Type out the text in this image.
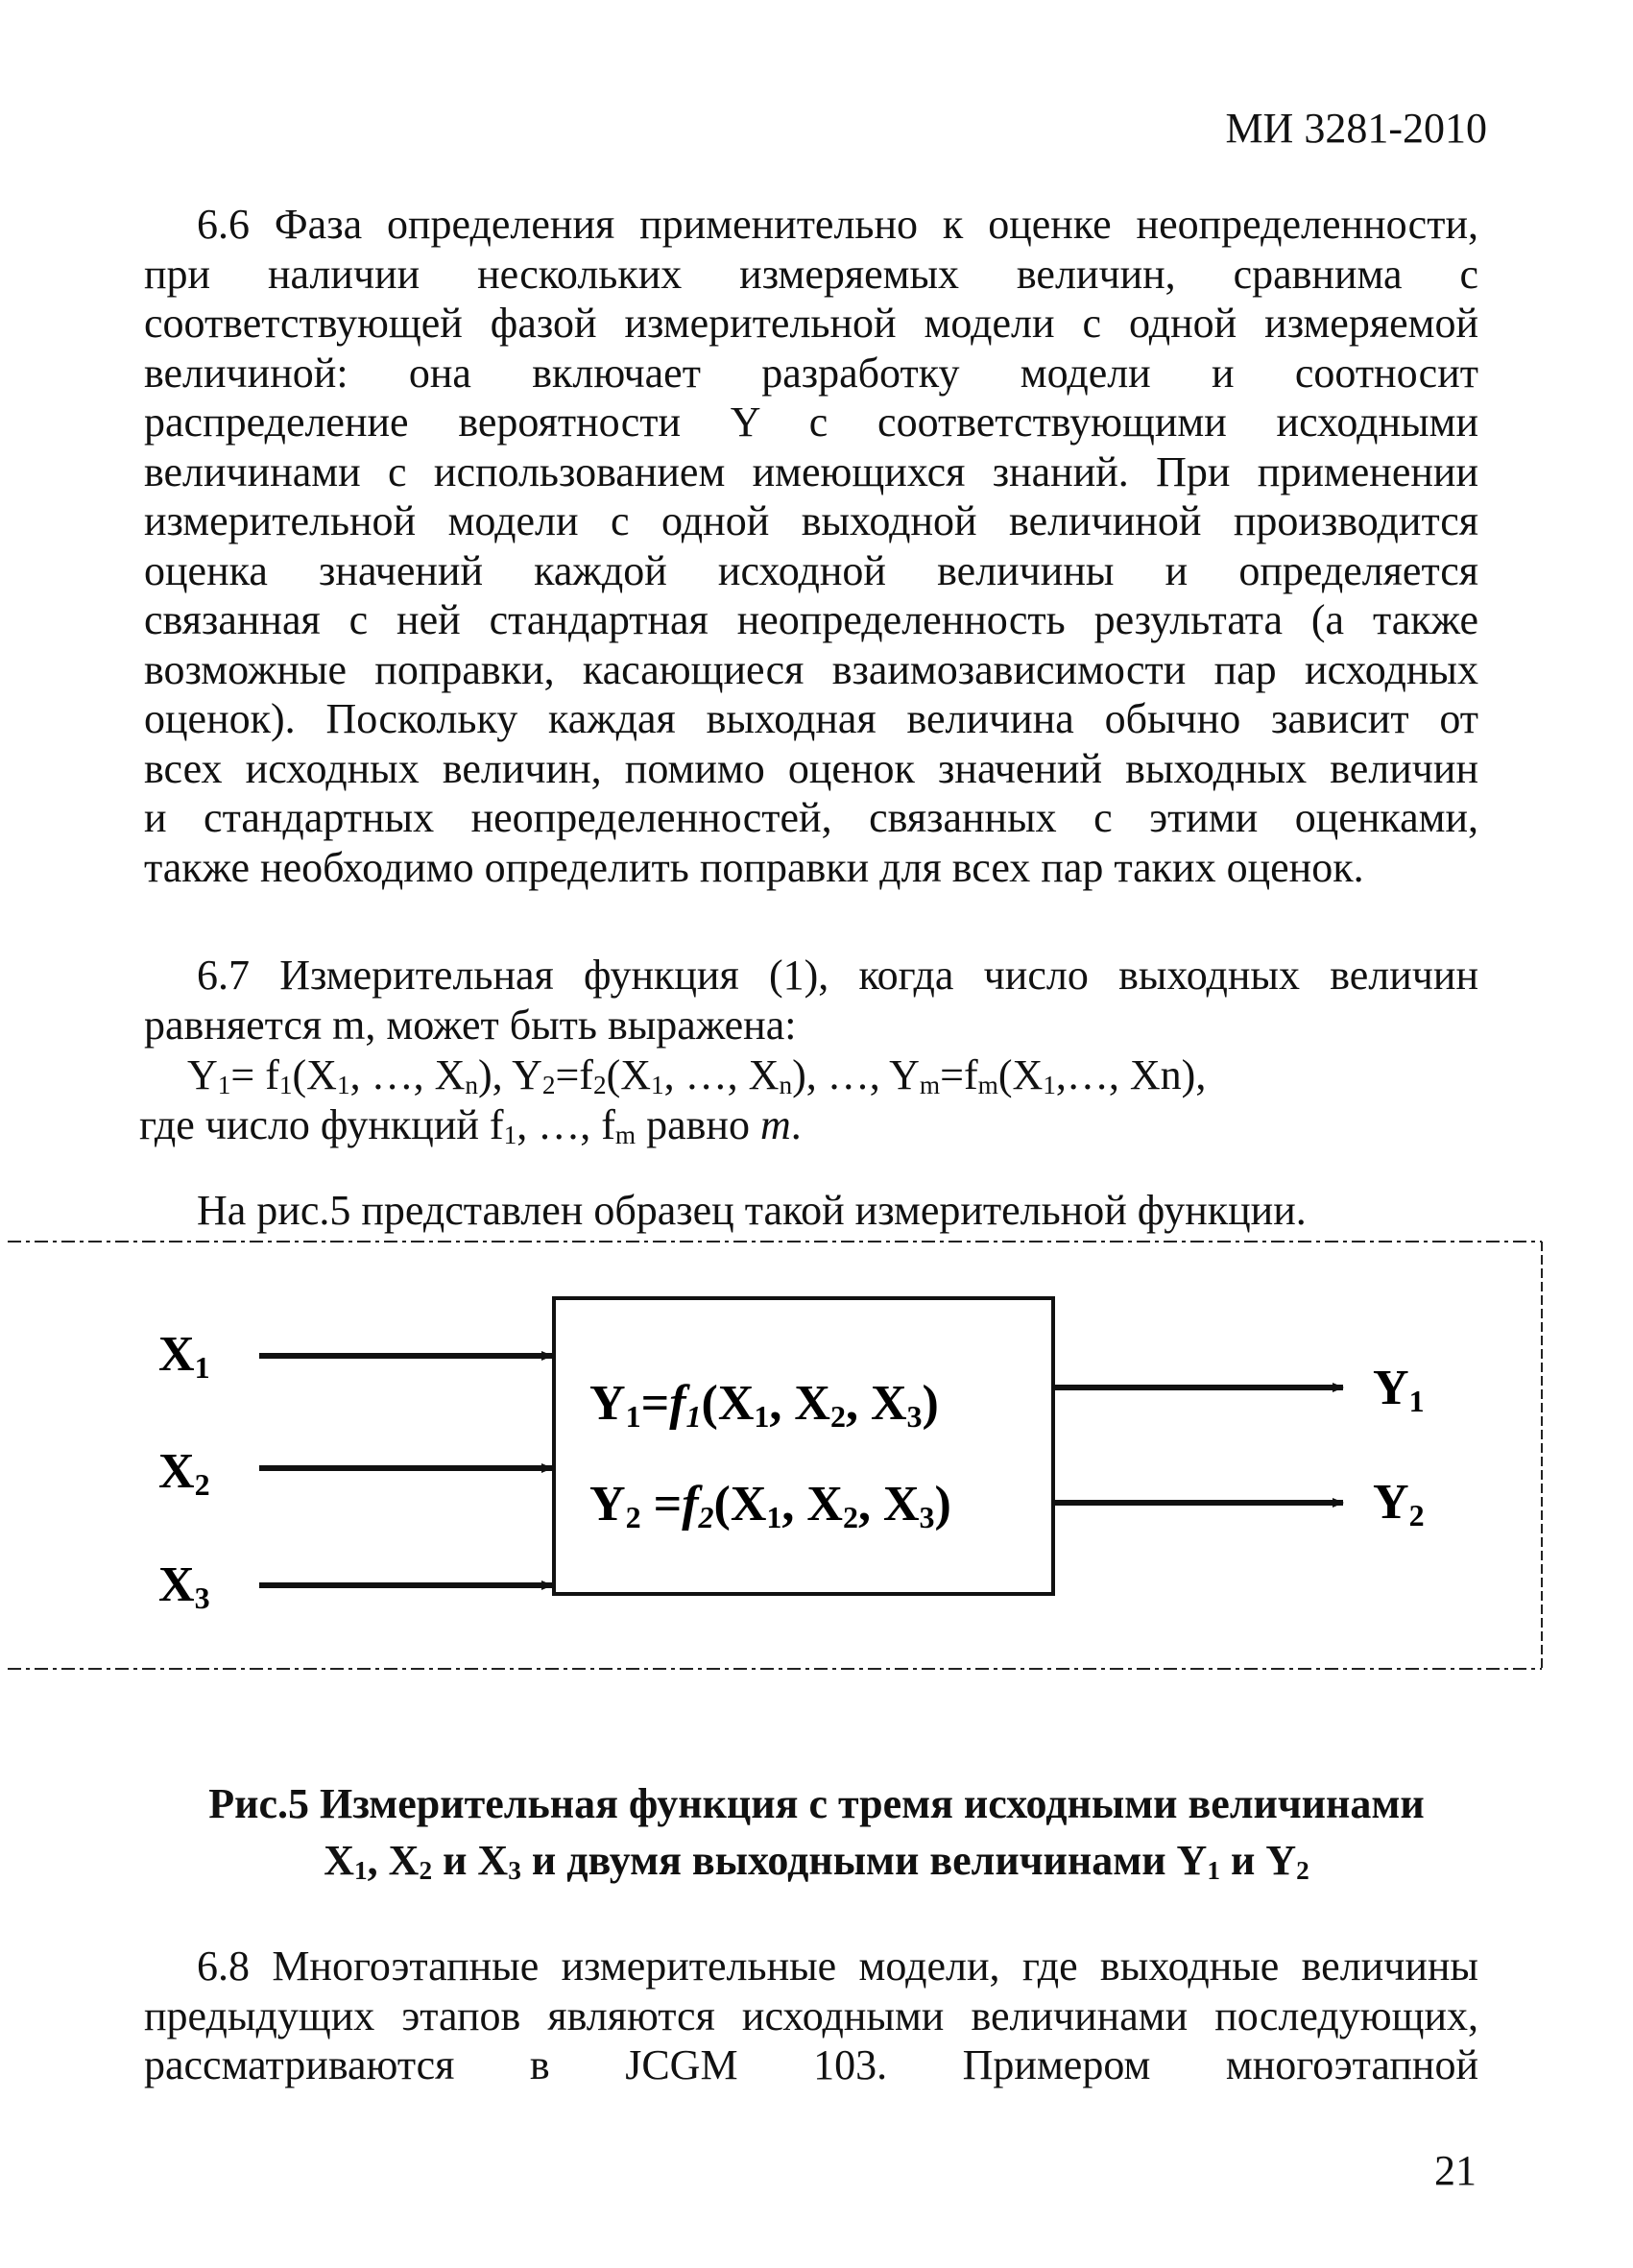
МИ 3281-2010
6.6 Фаза определения применительно к оценке неопределенности,
при наличии нескольких измеряемых величин, сравнима с
соответствующей фазой измерительной модели с одной измеряемой
величиной: она включает разработку модели и соотносит
распределение вероятности Y с соответствующими исходными
величинами с использованием имеющихся знаний. При применении
измерительной модели с одной выходной величиной производится
оценка значений каждой исходной величины и определяется
связанная с ней стандартная неопределенность результата (а также
возможные поправки, касающиеся взаимозависимости пар исходных
оценок). Поскольку каждая выходная величина обычно зависит от
всех исходных величин, помимо оценок значений выходных величин
и стандартных неопределенностей, связанных с этими оценками,
также необходимо определить поправки для всех пар таких оценок.
6.7 Измерительная функция (1), когда число выходных величин
равняется m, может быть выражена:
$Y_1= f_1(X_1$, …, $X_n$), $Y_2=f_2(X_1$, …, $X_n$), …, $Y_m=f_m(X_1,\dots$, Xn),
где число функций $f_1$, …, $f_m$ равно m.
На рис.5 представлен образец такой измерительной функции.
X1
X2
X3
Y1
Y2
Y1=f1(X1, X2, X3)
Y2 =f2(X1, X2, X3)
Рис.5 Измерительная функция с тремя исходными величинами
$X_1$, $X_2$ и $X_3$ и двумя выходными величинами $Y_1$ и $Y_2$
6.8 Многоэтапные измерительные модели, где выходные величины
предыдущих этапов являются исходными величинами последующих,
рассматриваются в JCGM 103. Примером многоэтапной
21
